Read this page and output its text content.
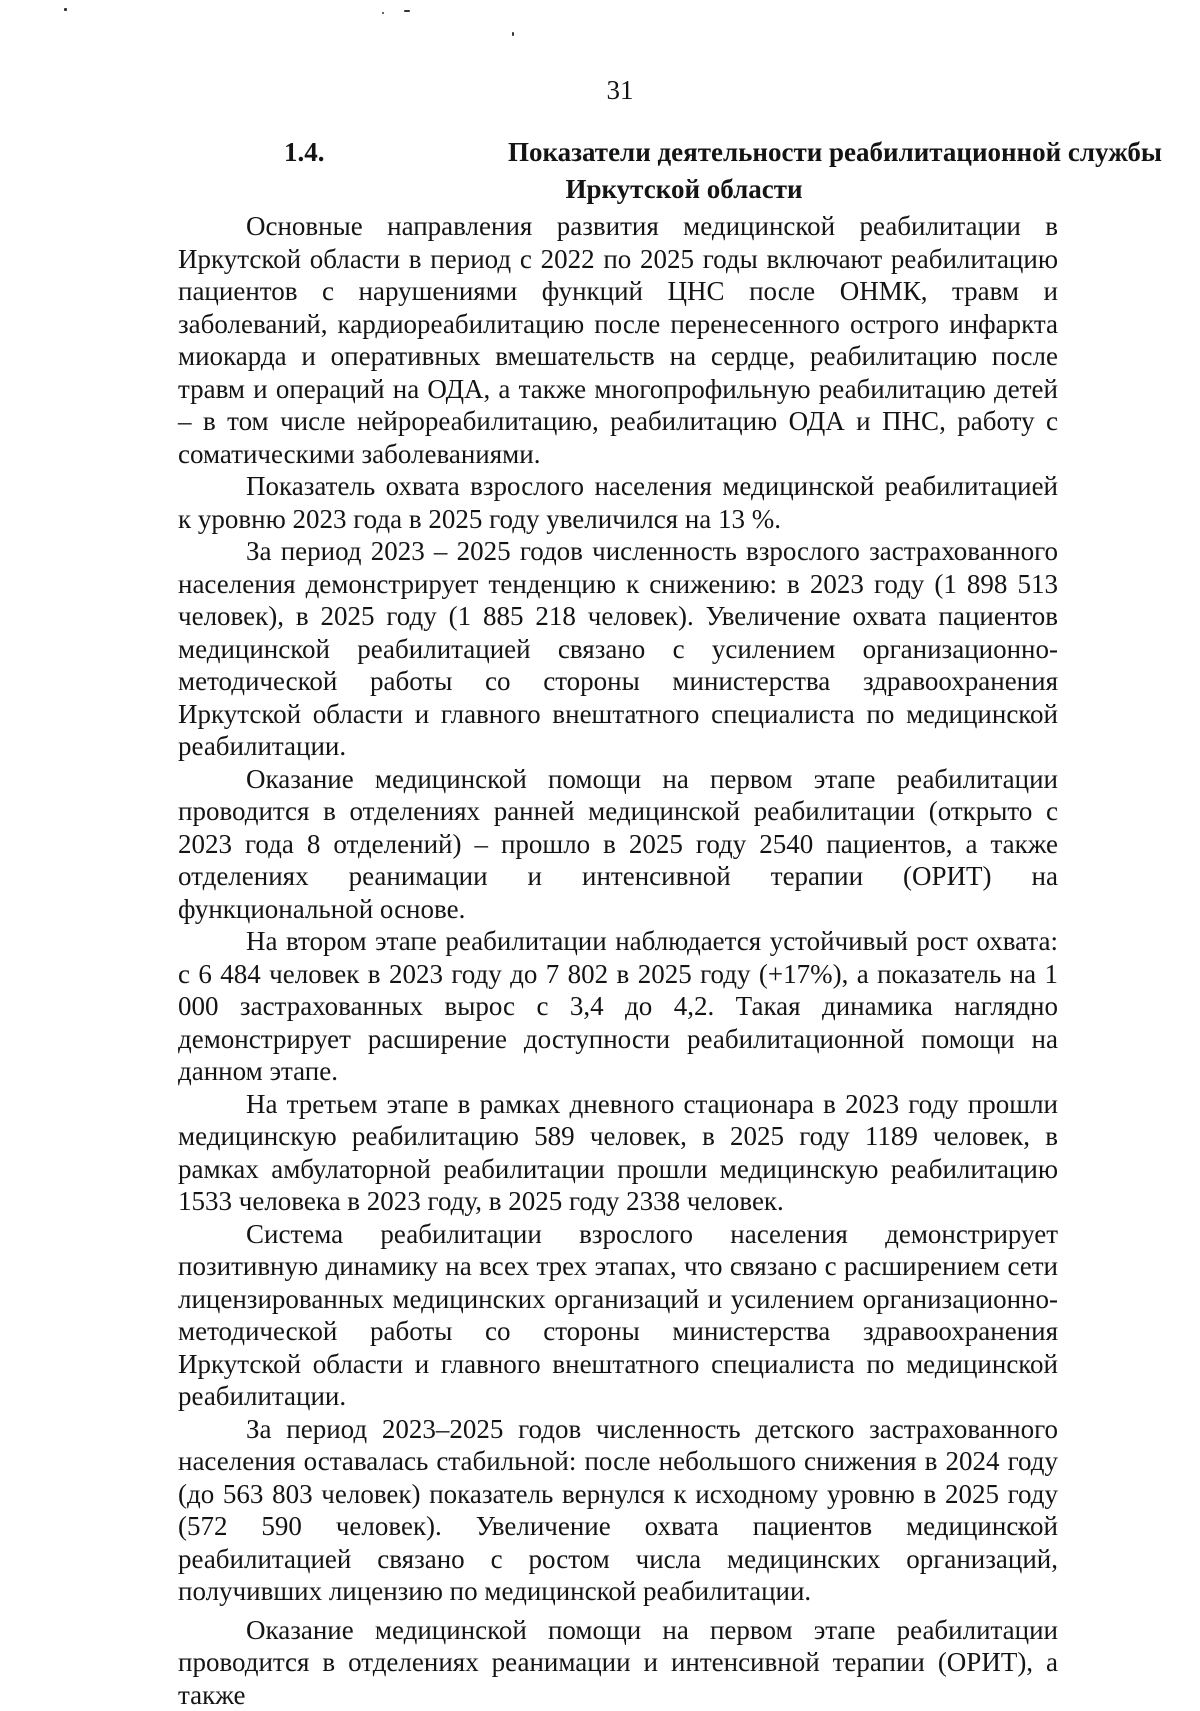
31
1.4.	Показатели деятельности реабилитационной службы
Иркутской области

Основные направления развития медицинской реабилитации в Иркутской области в период с 2022 по 2025 годы включают реабилитацию пациентов с нарушениями функций ЦНС после ОНМК, травм и заболеваний, кардиореабилитацию после перенесенного острого инфаркта миокарда и оперативных вмешательств на сердце, реабилитацию после травм и операций на ОДА, а также многопрофильную реабилитацию детей – в том числе нейрореабилитацию, реабилитацию ОДА и ПНС, работу с соматическими заболеваниями.

Показатель охвата взрослого населения медицинской реабилитацией к уровню 2023 года в 2025 году увеличился на 13 %.

За период 2023 – 2025 годов численность взрослого застрахованного населения демонстрирует тенденцию к снижению: в 2023 году (1 898 513 человек), в 2025 году (1 885 218 человек). Увеличение охвата пациентов медицинской реабилитацией связано с усилением организационно-методической работы со стороны министерства здравоохранения Иркутской области и главного внештатного специалиста по медицинской реабилитации.

Оказание медицинской помощи на первом этапе реабилитации проводится в отделениях ранней медицинской реабилитации (открыто с 2023 года 8 отделений) – прошло в 2025 году 2540 пациентов, а также отделениях реанимации и интенсивной терапии (ОРИТ) на функциональной основе.

На втором этапе реабилитации наблюдается устойчивый рост охвата: с 6 484 человек в 2023 году до 7 802 в 2025 году (+17%), а показатель на 1 000 застрахованных вырос с 3,4 до 4,2. Такая динамика наглядно демонстрирует расширение доступности реабилитационной помощи на данном этапе.

На третьем этапе в рамках дневного стационара в 2023 году прошли медицинскую реабилитацию 589 человек, в 2025 году 1189 человек, в рамках амбулаторной реабилитации прошли медицинскую реабилитацию 1533 человека в 2023 году, в 2025 году 2338 человек.

Система реабилитации взрослого населения демонстрирует позитивную динамику на всех трех этапах, что связано с расширением сети лицензированных медицинских организаций и усилением организационно-методической работы со стороны министерства здравоохранения Иркутской области и главного внештатного специалиста по медицинской реабилитации.

За период 2023–2025 годов численность детского застрахованного населения оставалась стабильной: после небольшого снижения в 2024 году (до 563 803 человек) показатель вернулся к исходному уровню в 2025 году (572 590 человек). Увеличение охвата пациентов медицинской реабилитацией связано с ростом числа медицинских организаций, получивших лицензию по медицинской реабилитации.

Оказание медицинской помощи на первом этапе реабилитации проводится в отделениях реанимации и интенсивной терапии (ОРИТ), а также
